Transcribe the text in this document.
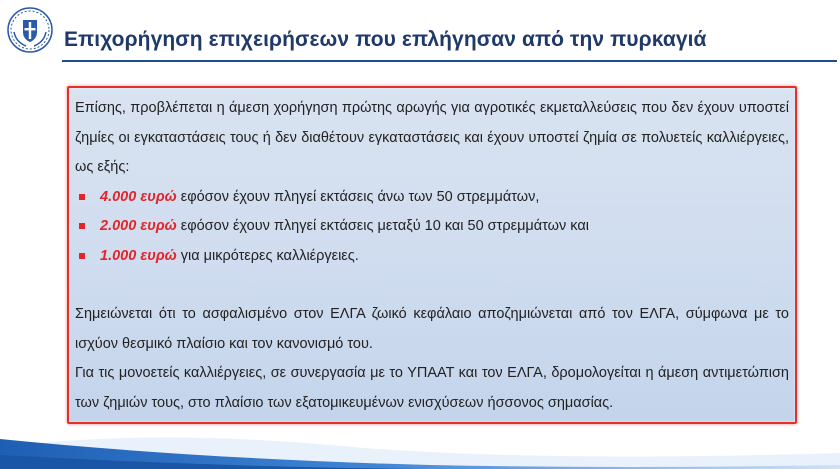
Επιχορήγηση επιχειρήσεων που επλήγησαν από την πυρκαγιά

Επίσης, προβλέπεται η άμεση χορήγηση πρώτης αρωγής για αγροτικές εκμεταλλεύσεις που δεν έχουν υποστεί ζημίες οι εγκαταστάσεις τους ή δεν διαθέτουν εγκαταστάσεις και έχουν υποστεί ζημία σε πολυετείς καλλιέργειες, ως εξής:

4.000 ευρώ εφόσον έχουν πληγεί εκτάσεις άνω των 50 στρεμμάτων,
2.000 ευρώ εφόσον έχουν πληγεί εκτάσεις μεταξύ 10 και 50 στρεμμάτων και
1.000 ευρώ για μικρότερες καλλιέργειες.

Σημειώνεται ότι το ασφαλισμένο στον ΕΛΓΑ ζωικό κεφάλαιο αποζημιώνεται από τον ΕΛΓΑ, σύμφωνα με το ισχύον θεσμικό πλαίσιο και τον κανονισμό του.

Για τις μονοετείς καλλιέργειες, σε συνεργασία με το ΥΠΑΑΤ και τον ΕΛΓΑ, δρομολογείται η άμεση αντιμετώπιση των ζημιών τους, στο πλαίσιο των εξατομικευμένων ενισχύσεων ήσσονος σημασίας.
